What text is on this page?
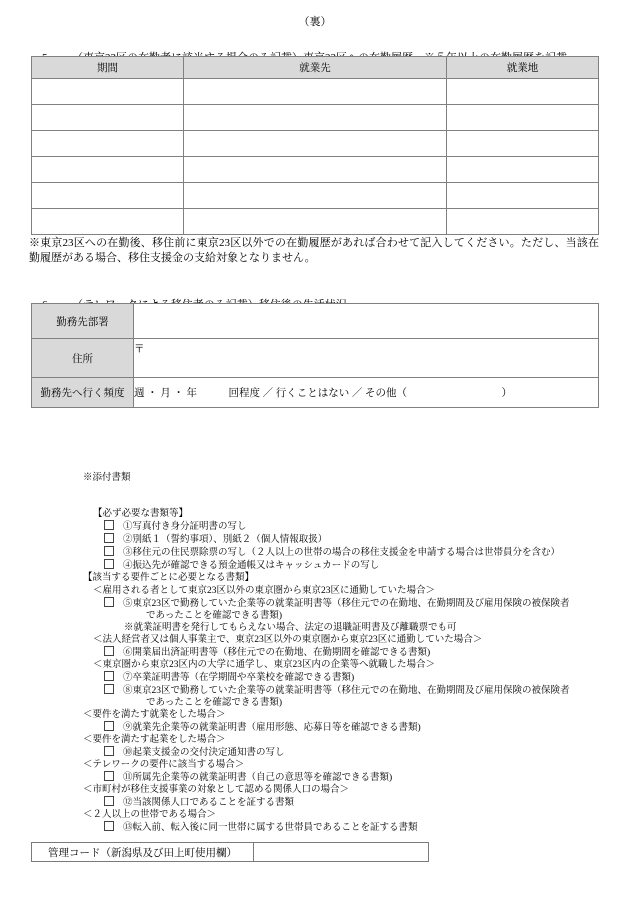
（裏）

期間	就業先	就業地

※東京23区への在勤後、移住前に東京23区以外での在勤履歴があれば合わせて記入してください。ただし、当該在勤履歴がある場合、移住支援金の支給対象となりません。

勤務先部署	
住所	〒
勤務先へ行く頻度	週 ・ 月 ・ 年　　　回程度 ／ 行くことはない ／ その他（　　　　　　　　　）

※添付書類

【必ず必要な書類等】
①写真付き身分証明書の写し
②別紙１（誓約事項）、別紙２（個人情報取扱）
③移住元の住民票除票の写し（２人以上の世帯の場合の移住支援金を申請する場合は世帯員分を含む）
④振込先が確認できる預金通帳又はキャッシュカードの写し
【該当する要件ごとに必要となる書類】
＜雇用される者として東京23区以外の東京圏から東京23区に通勤していた場合＞
⑤東京23区で勤務していた企業等の就業証明書等（移住元での在勤地、在勤期間及び雇用保険の被保険者
であったことを確認できる書類)
※就業証明書を発行してもらえない場合、法定の退職証明書及び離職票でも可
＜法人経営者又は個人事業主で、東京23区以外の東京圏から東京23区に通勤していた場合＞
⑥開業届出済証明書等（移住元での在勤地、在勤期間を確認できる書類)
＜東京圏から東京23区内の大学に通学し、東京23区内の企業等へ就職した場合＞
⑦卒業証明書等（在学期間や卒業校を確認できる書類)
⑧東京23区で勤務していた企業等の就業証明書等（移住元での在勤地、在勤期間及び雇用保険の被保険者
であったことを確認できる書類)
＜要件を満たす就業をした場合＞
⑨就業先企業等の就業証明書（雇用形態、応募日等を確認できる書類)
＜要件を満たす起業をした場合＞
⑩起業支援金の交付決定通知書の写し
＜テレワークの要件に該当する場合＞
⑪所属先企業等の就業証明書（自己の意思等を確認できる書類)
＜市町村が移住支援事業の対象として認める関係人口の場合＞
⑫当該関係人口であることを証する書類
＜２人以上の世帯である場合＞
⑬転入前、転入後に同一世帯に属する世帯員であることを証する書類

管理コード（新潟県及び田上町使用欄）	
